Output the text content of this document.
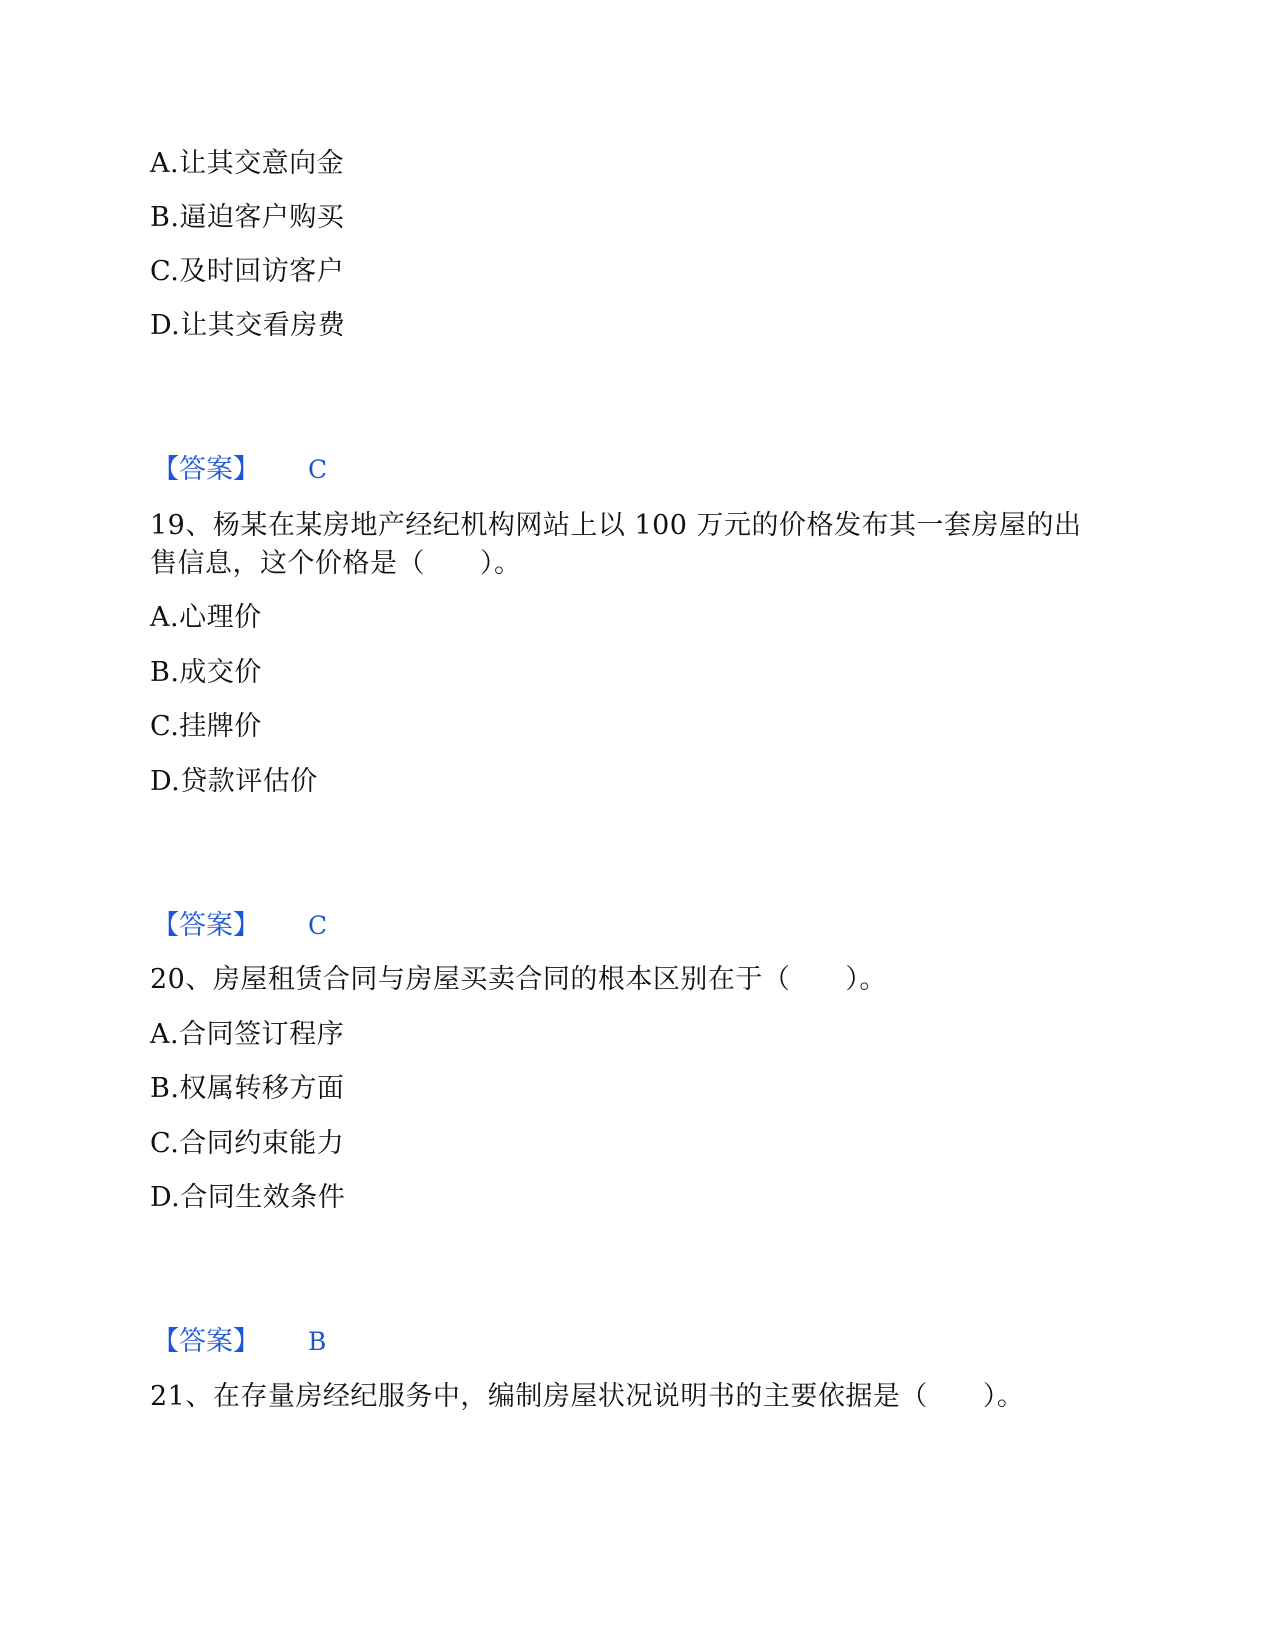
A.让其交意向金
B.逼迫客户购买
C.及时回访客户
D.让其交看房费
【答案】 C
19、杨某在某房地产经纪机构网站上以 100 万元的价格发布其一套房屋的出
售信息，这个价格是（　　）。
A.心理价
B.成交价
C.挂牌价
D.贷款评估价
【答案】 C
20、房屋租赁合同与房屋买卖合同的根本区别在于（　　）。
A.合同签订程序
B.权属转移方面
C.合同约束能力
D.合同生效条件
【答案】 B
21、在存量房经纪服务中，编制房屋状况说明书的主要依据是（　　）。
